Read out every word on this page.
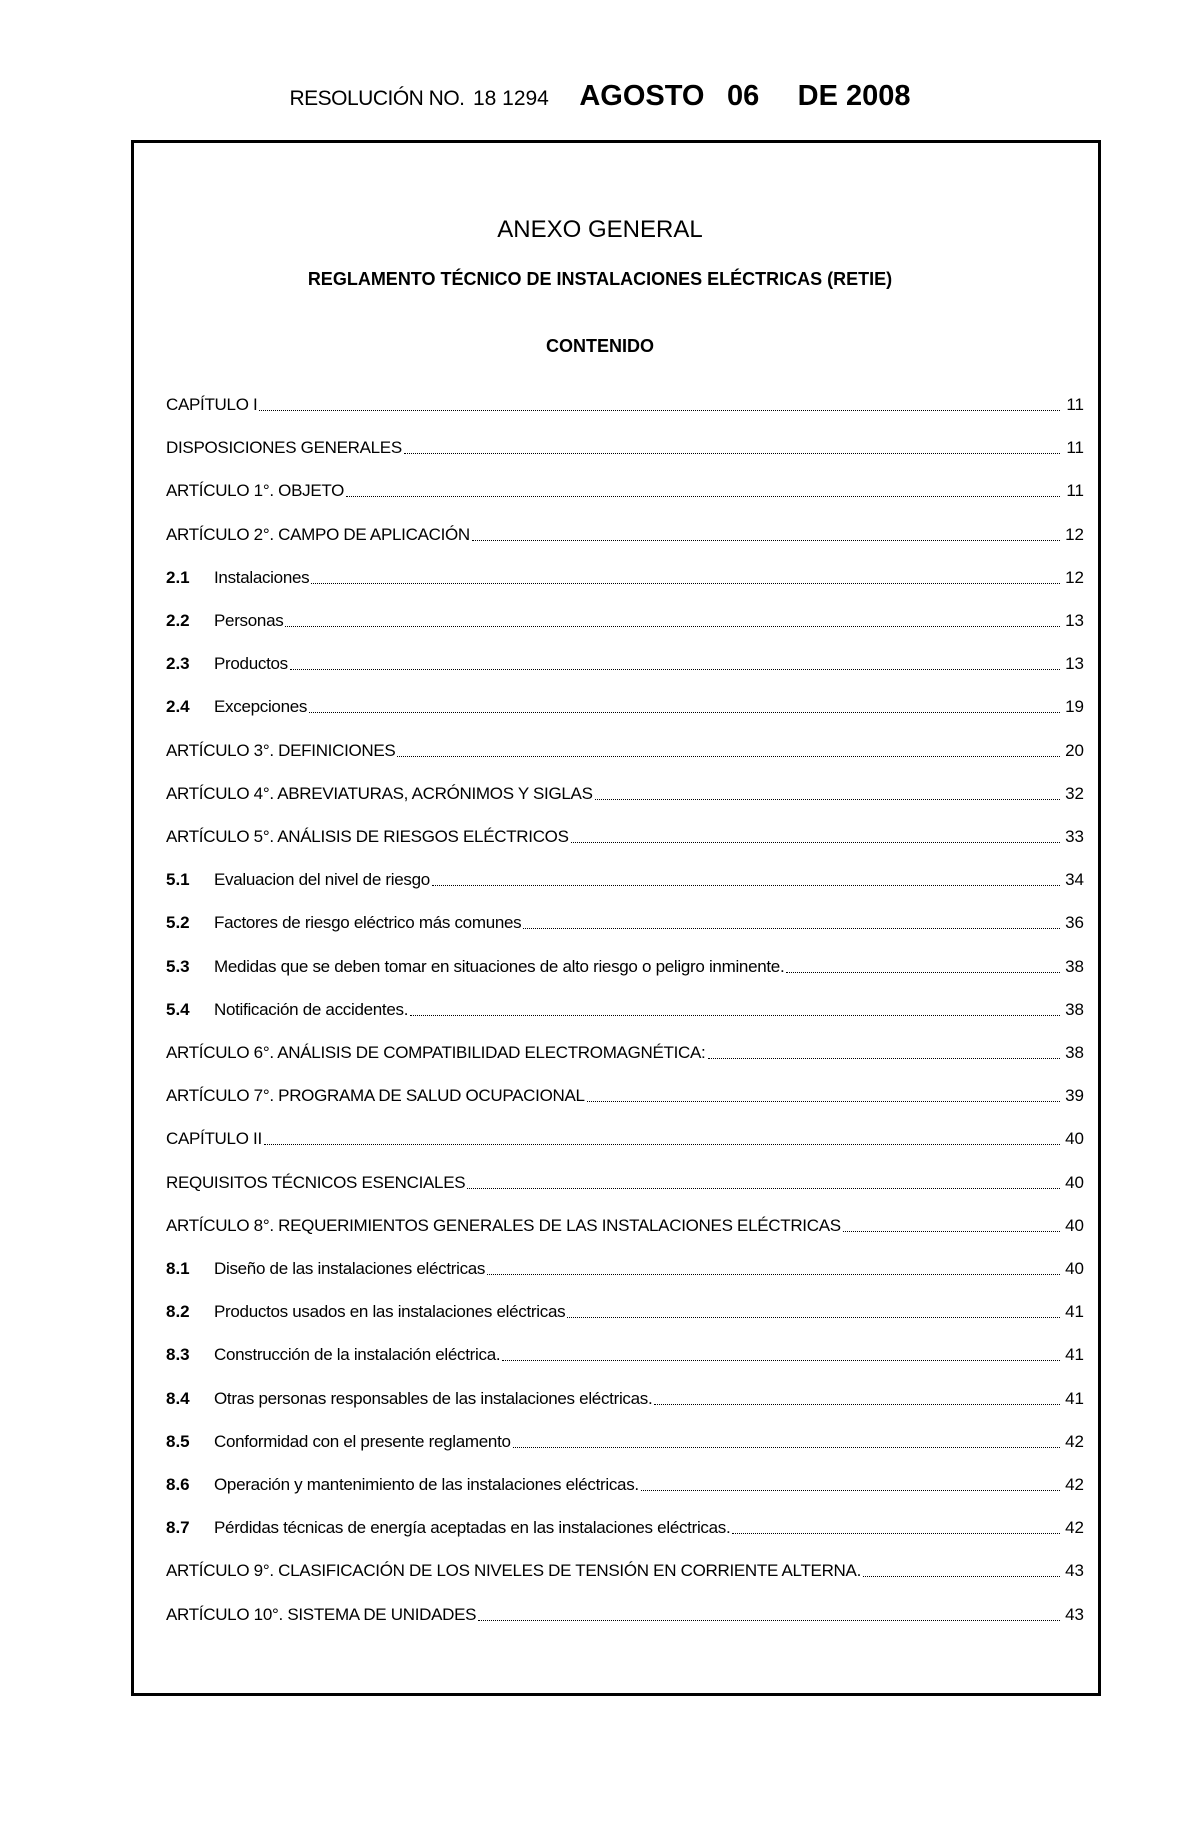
RESOLUCIÓN NO. 18 1294 AGOSTO 06 DE 2008
ANEXO GENERAL
REGLAMENTO TÉCNICO DE INSTALACIONES ELÉCTRICAS (RETIE)
CONTENIDO
CAPÍTULO I	11
DISPOSICIONES GENERALES	11
ARTÍCULO 1°. OBJETO	11
ARTÍCULO 2°. CAMPO DE APLICACIÓN	12
2.1	Instalaciones	12
2.2	Personas	13
2.3	Productos	13
2.4	Excepciones	19
ARTÍCULO 3°. DEFINICIONES	20
ARTÍCULO 4°. ABREVIATURAS, ACRÓNIMOS Y SIGLAS	32
ARTÍCULO 5°. ANÁLISIS DE RIESGOS ELÉCTRICOS	33
5.1	Evaluacion del nivel de riesgo	34
5.2	Factores de riesgo eléctrico más comunes	36
5.3	Medidas que se deben tomar en situaciones de alto riesgo o peligro inminente.	38
5.4	Notificación de accidentes.	38
ARTÍCULO 6°. ANÁLISIS DE COMPATIBILIDAD ELECTROMAGNÉTICA:	38
ARTÍCULO 7°. PROGRAMA DE SALUD OCUPACIONAL	39
CAPÍTULO II	40
REQUISITOS TÉCNICOS ESENCIALES	40
ARTÍCULO 8°. REQUERIMIENTOS GENERALES DE LAS INSTALACIONES ELÉCTRICAS	40
8.1	Diseño de las instalaciones eléctricas	40
8.2	Productos usados en las instalaciones eléctricas	41
8.3	Construcción de la instalación eléctrica.	41
8.4	Otras personas responsables de las instalaciones eléctricas.	41
8.5	Conformidad con el presente reglamento	42
8.6	Operación y mantenimiento de las instalaciones eléctricas.	42
8.7	Pérdidas técnicas de energía aceptadas en las instalaciones eléctricas.	42
ARTÍCULO 9°. CLASIFICACIÓN DE LOS NIVELES DE TENSIÓN EN CORRIENTE ALTERNA.	43
ARTÍCULO 10°. SISTEMA DE UNIDADES	43
